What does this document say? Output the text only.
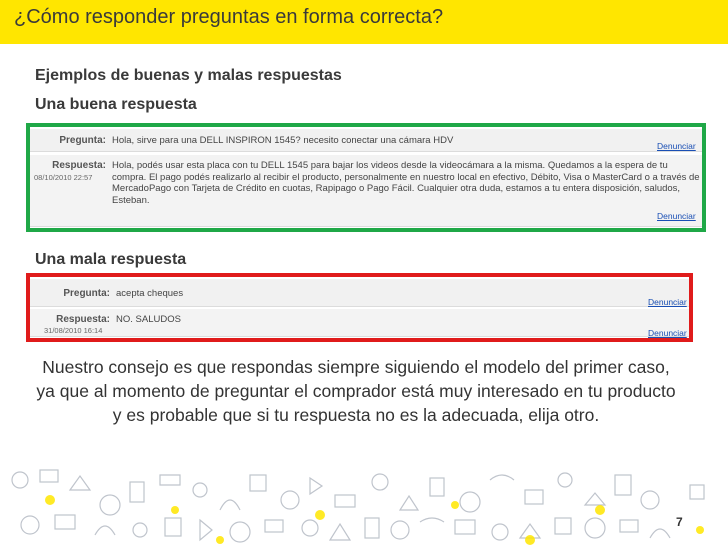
¿Cómo responder preguntas en forma correcta?
Ejemplos de buenas y malas respuestas
Una buena respuesta
Pregunta: Hola, sirve para una DELL INSPIRON 1545? necesito conectar una cámara HDV	Denunciar
Respuesta:
08/10/2010 22:57
Hola, podés usar esta placa con tu DELL 1545 para bajar los videos desde la videocámara a la misma. Quedamos a la espera de tu compra. El pago podés realizarlo al recibir el producto, personalmente en nuestro local en efectivo, Débito, Visa o MasterCard o a través de MercadoPago con Tarjeta de Crédito en cuotas, Rapipago o Pago Fácil. Cualquier otra duda, estamos a tu entera disposición, saludos, Esteban.
Denunciar
Una mala respuesta
Pregunta: acepta cheques
Denunciar
Respuesta:
31/08/2010 16:14
NO. SALUDOS
Denunciar
Nuestro consejo es que respondas siempre siguiendo el modelo del primer caso, ya que al momento de preguntar el comprador está muy interesado en tu producto y es probable que si tu respuesta no es la adecuada, elija otro.
7
